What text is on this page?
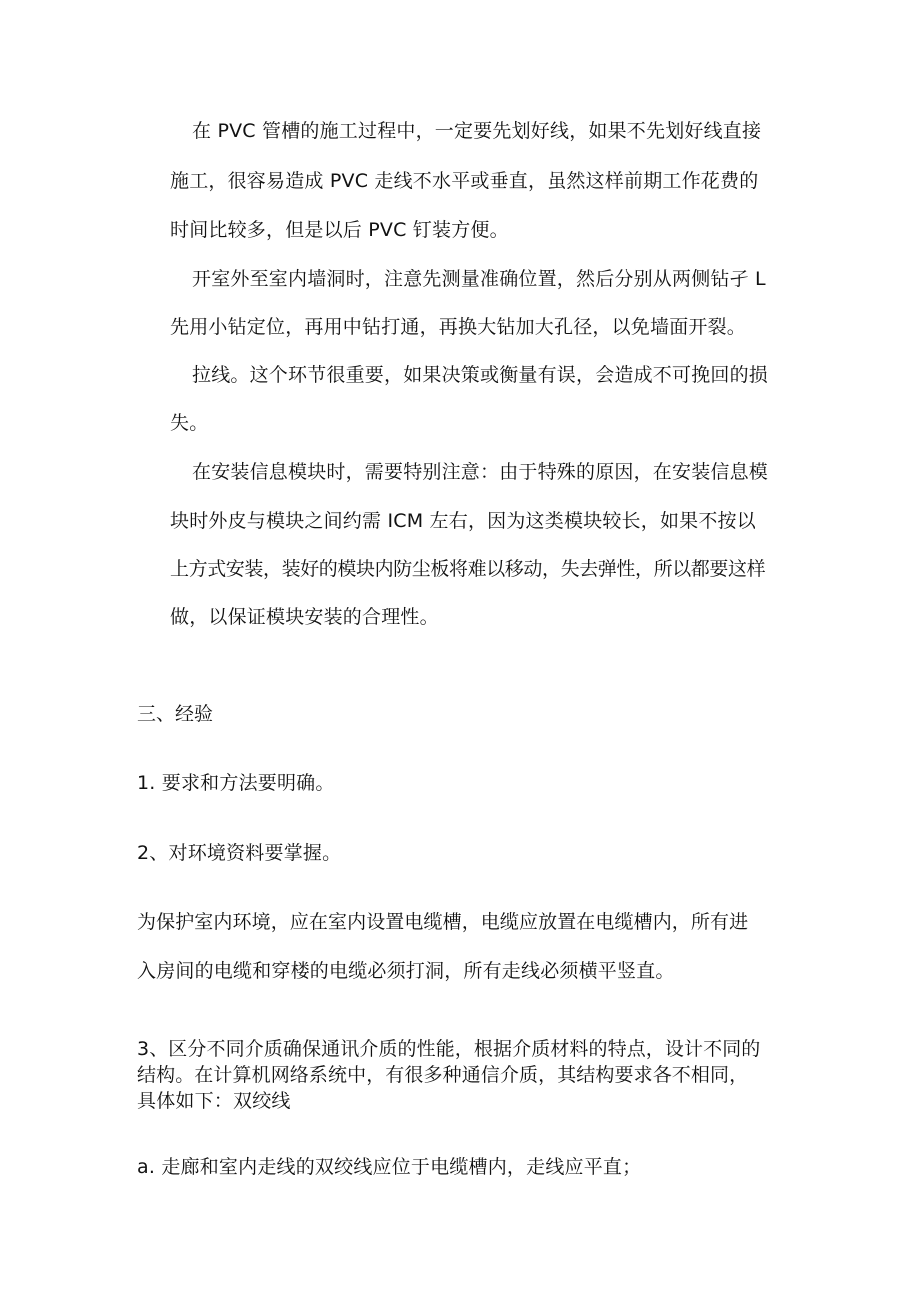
在 PVC 管槽的施工过程中，一定要先划好线，如果不先划好线直接
施工，很容易造成 PVC 走线不水平或垂直，虽然这样前期工作花费的
时间比较多，但是以后 PVC 钉装方便。
开室外至室内墙洞时，注意先测量准确位置，然后分别从两侧钻孑 L
先用小钻定位，再用中钻打通，再换大钻加大孔径，以免墙面开裂。
拉线。这个环节很重要，如果决策或衡量有误，会造成不可挽回的损
失。
在安装信息模块时，需要特别注意：由于特殊的原因，在安装信息模
块时外皮与模块之间约需 ICM 左右，因为这类模块较长，如果不按以
上方式安装，装好的模块内防尘板将难以移动，失去弹性，所以都要这样
做，以保证模块安装的合理性。
三、经验
1. 要求和方法要明确。
2、对环境资料要掌握。
为保护室内环境，应在室内设置电缆槽，电缆应放置在电缆槽内，所有进
入房间的电缆和穿楼的电缆必须打洞，所有走线必须横平竖直。
3、区分不同介质确保通讯介质的性能，根据介质材料的特点，设计不同的
结构。在计算机网络系统中，有很多种通信介质，其结构要求各不相同，
具体如下：双绞线
a. 走廊和室内走线的双绞线应位于电缆槽内，走线应平直；
